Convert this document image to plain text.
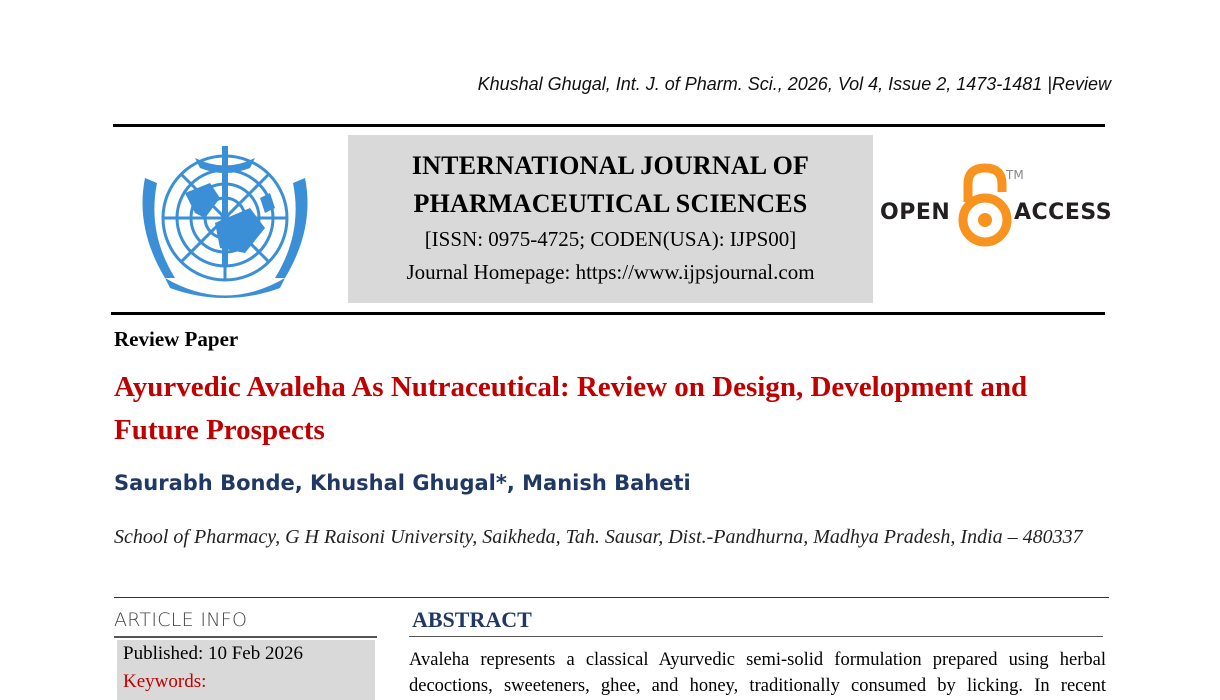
Khushal Ghugal, Int. J. of Pharm. Sci., 2026, Vol 4, Issue 2, 1473-1481 |Review
INTERNATIONAL JOURNAL OF
PHARMACEUTICAL SCIENCES
[ISSN: 0975-4725; CODEN(USA): IJPS00]
Journal Homepage: https://www.ijpsjournal.com
OPEN
TM
ACCESS
Review Paper
Ayurvedic Avaleha As Nutraceutical: Review on Design, Development and Future Prospects
Saurabh Bonde, Khushal Ghugal*, Manish Baheti
School of Pharmacy, G H Raisoni University, Saikheda, Tah. Sausar, Dist.-Pandhurna, Madhya Pradesh, India – 480337
ARTICLE INFO
Published: 10 Feb 2026
Keywords:
ABSTRACT
Avaleha represents a classical Ayurvedic semi-solid formulation prepared using herbal
decoctions, sweeteners, ghee, and honey, traditionally consumed by licking. In recent
